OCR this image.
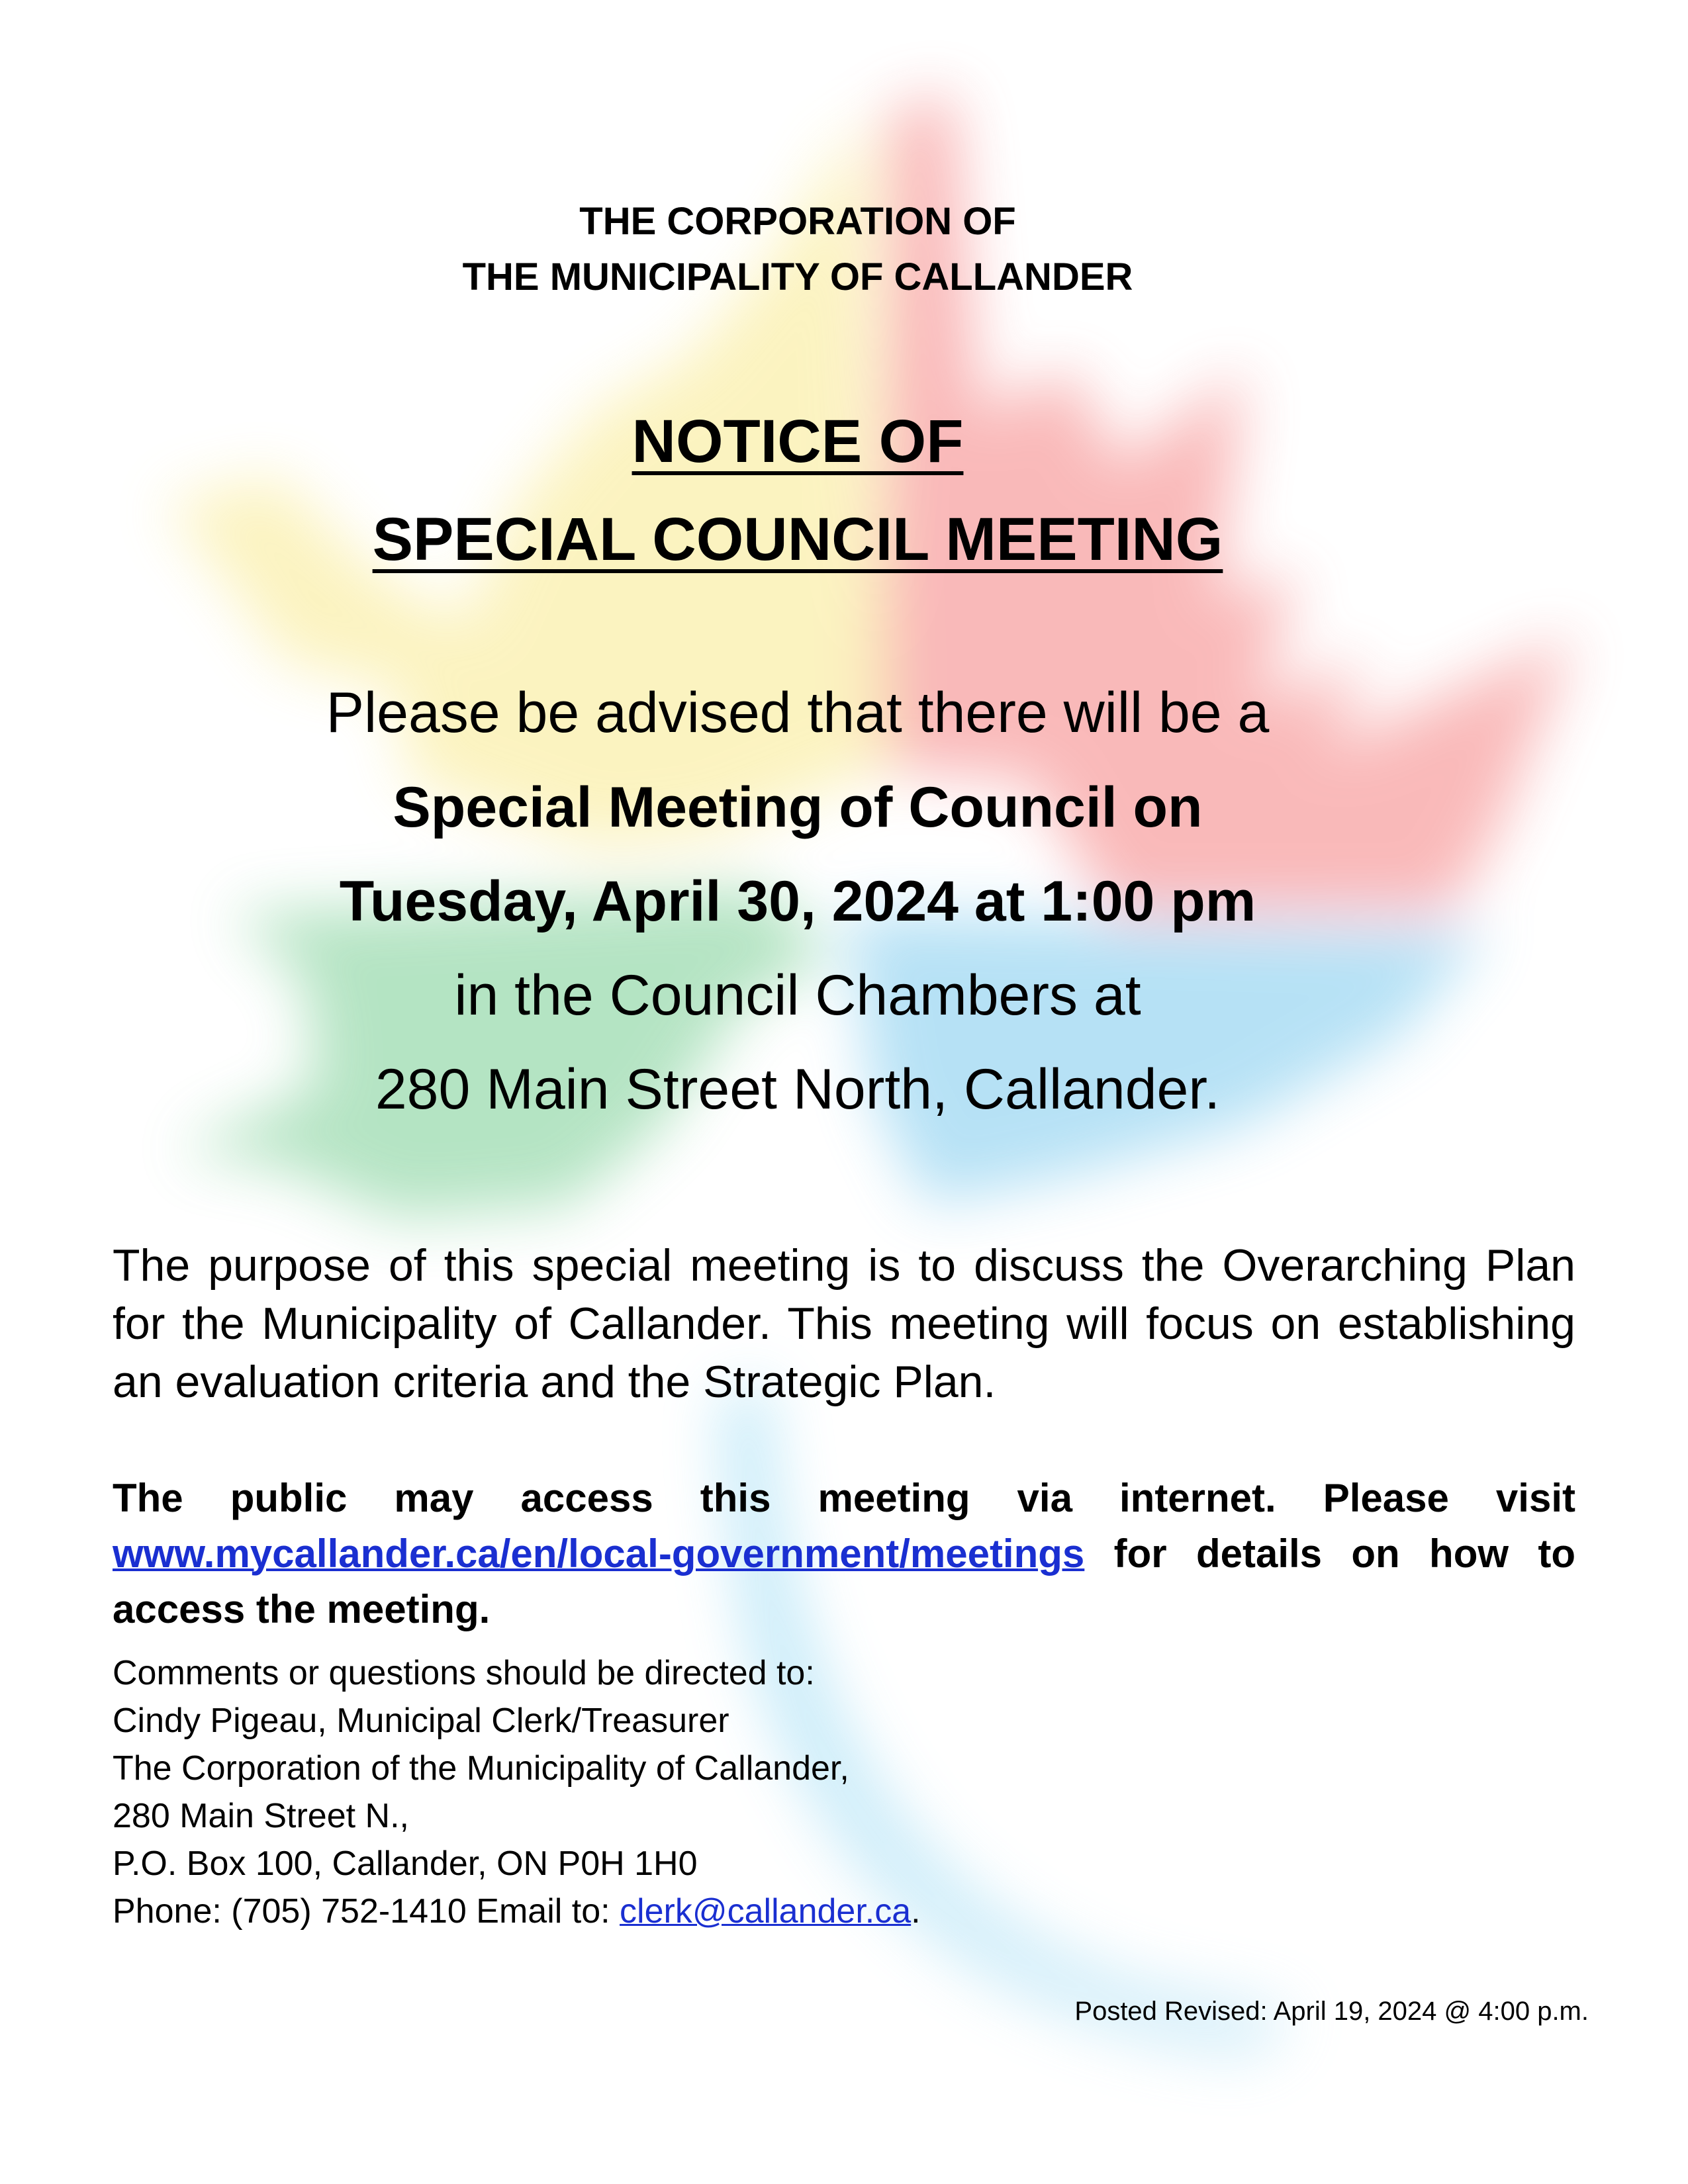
THE CORPORATION OF
THE MUNICIPALITY OF CALLANDER
NOTICE OF
SPECIAL COUNCIL MEETING
Please be advised that there will be a
Special Meeting of Council on
Tuesday, April 30, 2024 at 1:00 pm
in the Council Chambers at
280 Main Street North, Callander.
The purpose of this special meeting is to discuss the Overarching Plan for the Municipality of Callander. This meeting will focus on establishing an evaluation criteria and the Strategic Plan.
The public may access this meeting via internet. Please visit www.mycallander.ca/en/local-government/meetings for details on how to access the meeting.
Comments or questions should be directed to:
Cindy Pigeau, Municipal Clerk/Treasurer
The Corporation of the Municipality of Callander,
280 Main Street N.,
P.O. Box 100, Callander, ON P0H 1H0
Phone: (705) 752-1410 Email to: clerk@callander.ca.
Posted Revised: April 19, 2024 @ 4:00 p.m.
